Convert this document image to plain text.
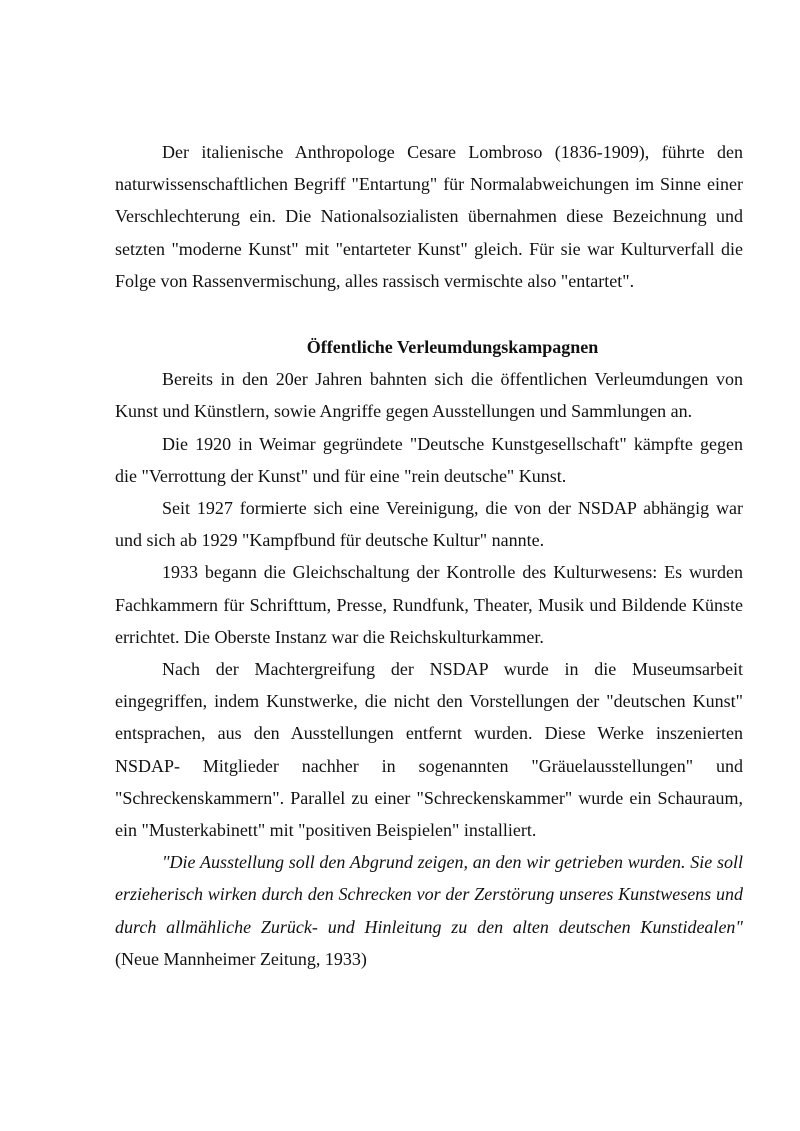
Der italienische Anthropologe Cesare Lombroso (1836-1909), führte den naturwissenschaftlichen Begriff "Entartung" für Normalabweichungen im Sinne einer Verschlechterung ein. Die Nationalsozialisten übernahmen diese Bezeichnung und setzten "moderne Kunst" mit "entarteter Kunst" gleich. Für sie war Kulturverfall die Folge von Rassenvermischung, alles rassisch vermischte also "entartet".

Öffentliche Verleumdungskampagnen

Bereits in den 20er Jahren bahnten sich die öffentlichen Verleumdungen von Kunst und Künstlern, sowie Angriffe gegen Ausstellungen und Sammlungen an.

Die 1920 in Weimar gegründete "Deutsche Kunstgesellschaft" kämpfte gegen die "Verrottung der Kunst" und für eine "rein deutsche" Kunst.

Seit 1927 formierte sich eine Vereinigung, die von der NSDAP abhängig war und sich ab 1929 "Kampfbund für deutsche Kultur" nannte.

1933 begann die Gleichschaltung der Kontrolle des Kulturwesens: Es wurden Fachkammern für Schrifttum, Presse, Rundfunk, Theater, Musik und Bildende Künste errichtet. Die Oberste Instanz war die Reichskulturkammer.

Nach der Machtergreifung der NSDAP wurde in die Museumsarbeit eingegriffen, indem Kunstwerke, die nicht den Vorstellungen der "deutschen Kunst" entsprachen, aus den Ausstellungen entfernt wurden. Diese Werke inszenierten NSDAP- Mitglieder nachher in sogenannten "Gräuelausstellungen" und "Schreckenskammern". Parallel zu einer "Schreckenskammer" wurde ein Schauraum, ein "Musterkabinett" mit "positiven Beispielen" installiert.

"Die Ausstellung soll den Abgrund zeigen, an den wir getrieben wurden. Sie soll erzieherisch wirken durch den Schrecken vor der Zerstörung unseres Kunstwesens und durch allmähliche Zurück- und Hinleitung zu den alten deutschen Kunstidealen" (Neue Mannheimer Zeitung, 1933)
